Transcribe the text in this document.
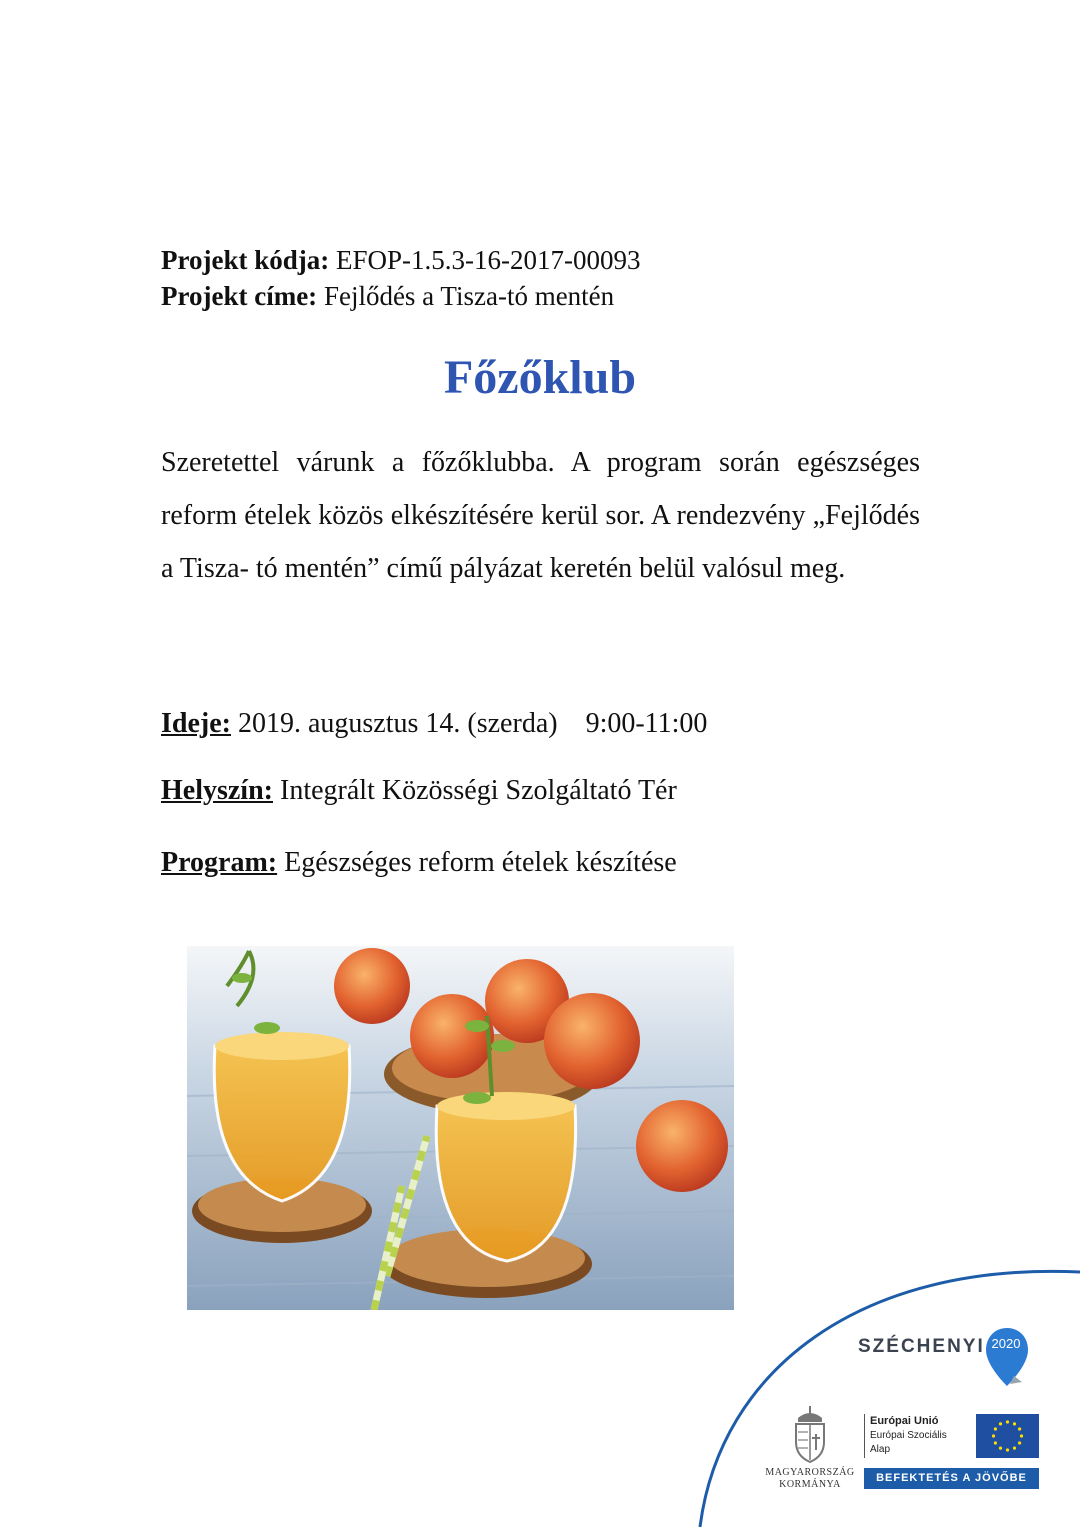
Projekt kódja: EFOP-1.5.3-16-2017-00093
Projekt címe: Fejlődés a Tisza-tó mentén
Főzőklub

Szeretettel várunk a főzőklubba. A program során egészséges reform ételek közös elkészítésére kerül sor. A rendezvény „Fejlődés a Tisza- tó mentén” című pályázat keretén belül valósul meg.

Ideje: 2019. augusztus 14. (szerda)    9:00-11:00
Helyszín: Integrált Közösségi Szolgáltató Tér
Program: Egészséges reform ételek készítése
SZÉCHENYI 2020
MAGYARORSZÁG
KORMÁNYA
Európai Unió
Európai Szociális
Alap
BEFEKTETÉS A JÖVŐBE
